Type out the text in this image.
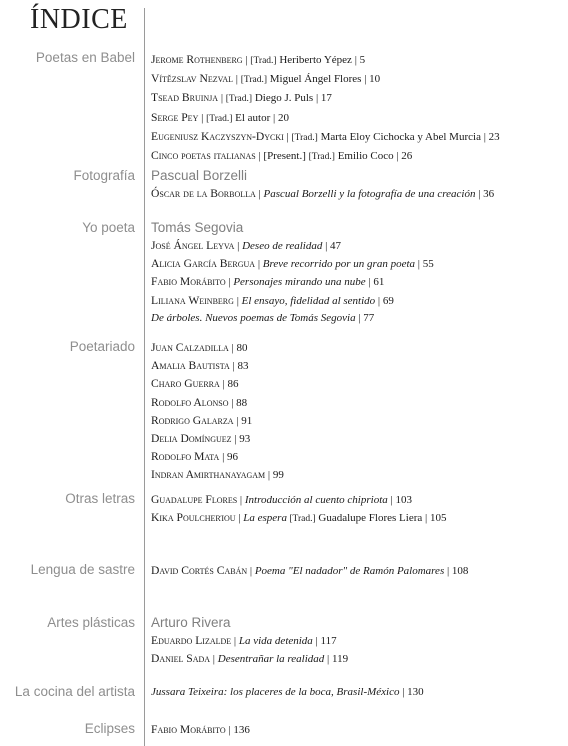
ÍNDICE
Poetas en Babel Jerome Rothenberg | [Trad.] Heriberto Yépez | 5
Vítězslav Nezval | [Trad.] Miguel Ángel Flores | 10
Tsead Bruinja | [Trad.] Diego J. Puls | 17
Serge Pey | [Trad.] El autor | 20
Eugeniusz Kaczyszyn-Dycki | [Trad.] Marta Eloy Cichocka y Abel Murcia | 23
Cinco poetas italianas | [Present.] [Trad.] Emilio Coco | 26
Fotografía Pascual Borzelli
Óscar de la Borbolla | Pascual Borzelli y la fotografía de una creación | 36
Yo poeta Tomás Segovia
José Ángel Leyva | Deseo de realidad | 47
Alicia García Bergua | Breve recorrido por un gran poeta | 55
Fabio Morábito | Personajes mirando una nube | 61
Liliana Weinberg | El ensayo, fidelidad al sentido | 69
De árboles. Nuevos poemas de Tomás Segovia | 77
Poetariado Juan Calzadilla | 80
Amalia Bautista | 83
Charo Guerra | 86
Rodolfo Alonso | 88
Rodrigo Galarza | 91
Delia Domínguez | 93
Rodolfo Mata | 96
Indran Amirthanayagam | 99
Otras letras Guadalupe Flores | Introducción al cuento chipriota | 103
Kika Poulcherίou | La espera [Trad.] Guadalupe Flores Liera | 105
Lengua de sastre David Cortés Cabán | Poema "El nadador" de Ramón Palomares | 108
Artes plásticas Arturo Rivera
Eduardo Lizalde | La vida detenida | 117
Daniel Sada | Desentrañar la realidad | 119
La cocina del artista Jussara Teixeira: los placeres de la boca, Brasil-México | 130
Eclipses Fabio Morábito | 136
